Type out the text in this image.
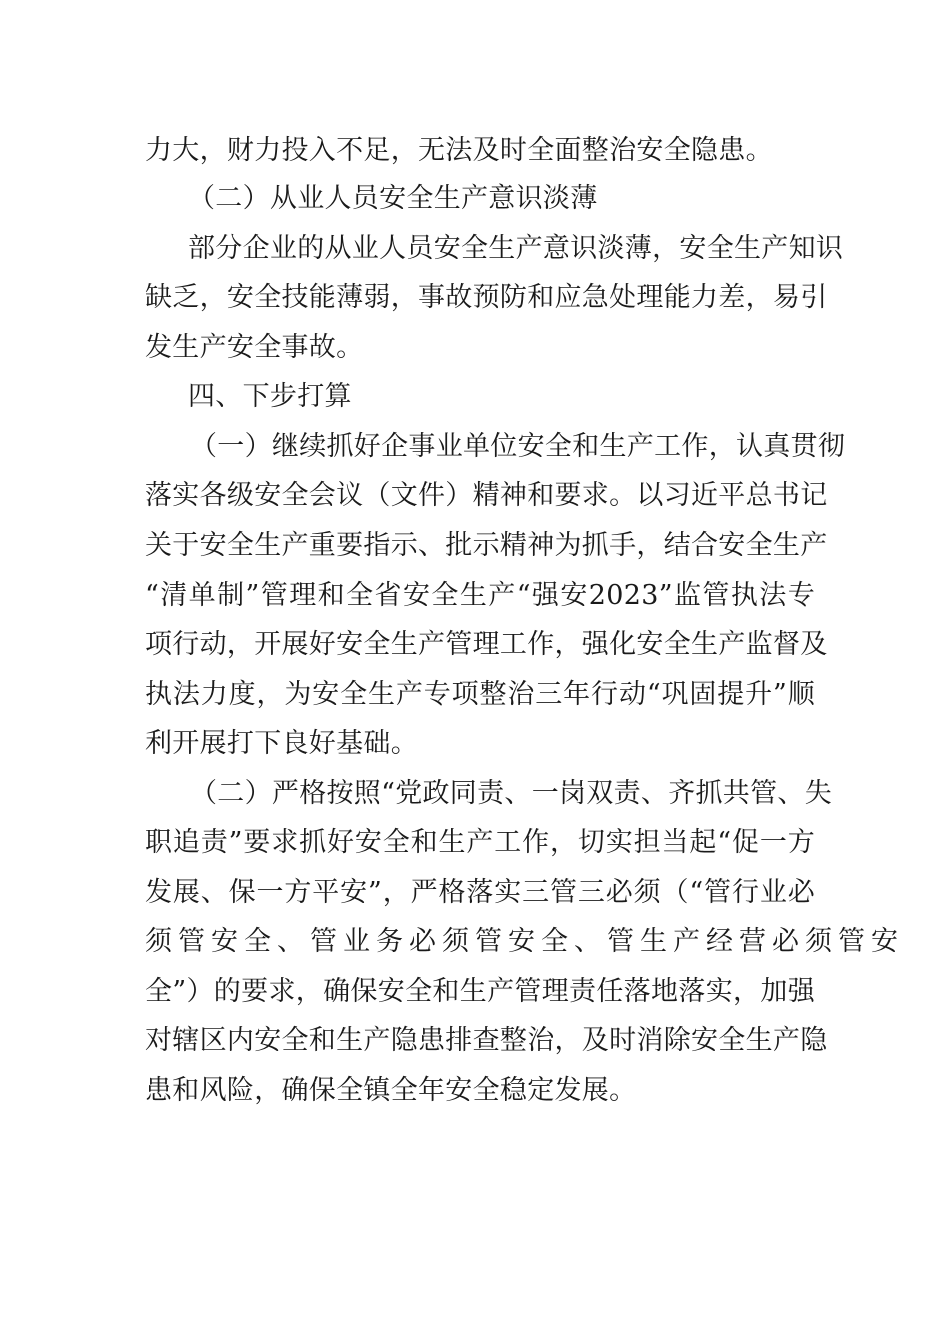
力大，财力投入不足，无法及时全面整治安全隐患。
（二）从业人员安全生产意识淡薄
部分企业的从业人员安全生产意识淡薄，安全生产知识
缺乏，安全技能薄弱，事故预防和应急处理能力差，易引
发生产安全事故。
四、下步打算
（一）继续抓好企事业单位安全和生产工作，认真贯彻
落实各级安全会议（文件）精神和要求。以习近平总书记
关于安全生产重要指示、批示精神为抓手，结合安全生产
“清单制”管理和全省安全生产“强安2023”监管执法专
项行动，开展好安全生产管理工作，强化安全生产监督及
执法力度，为安全生产专项整治三年行动“巩固提升”顺
利开展打下良好基础。
（二）严格按照“党政同责、一岗双责、齐抓共管、失
职追责”要求抓好安全和生产工作，切实担当起“促一方
发展、保一方平安”，严格落实三管三必须（“管行业必
须管安全、管业务必须管安全、管生产经营必须管安
全”）的要求，确保安全和生产管理责任落地落实，加强
对辖区内安全和生产隐患排查整治，及时消除安全生产隐
患和风险，确保全镇全年安全稳定发展。
